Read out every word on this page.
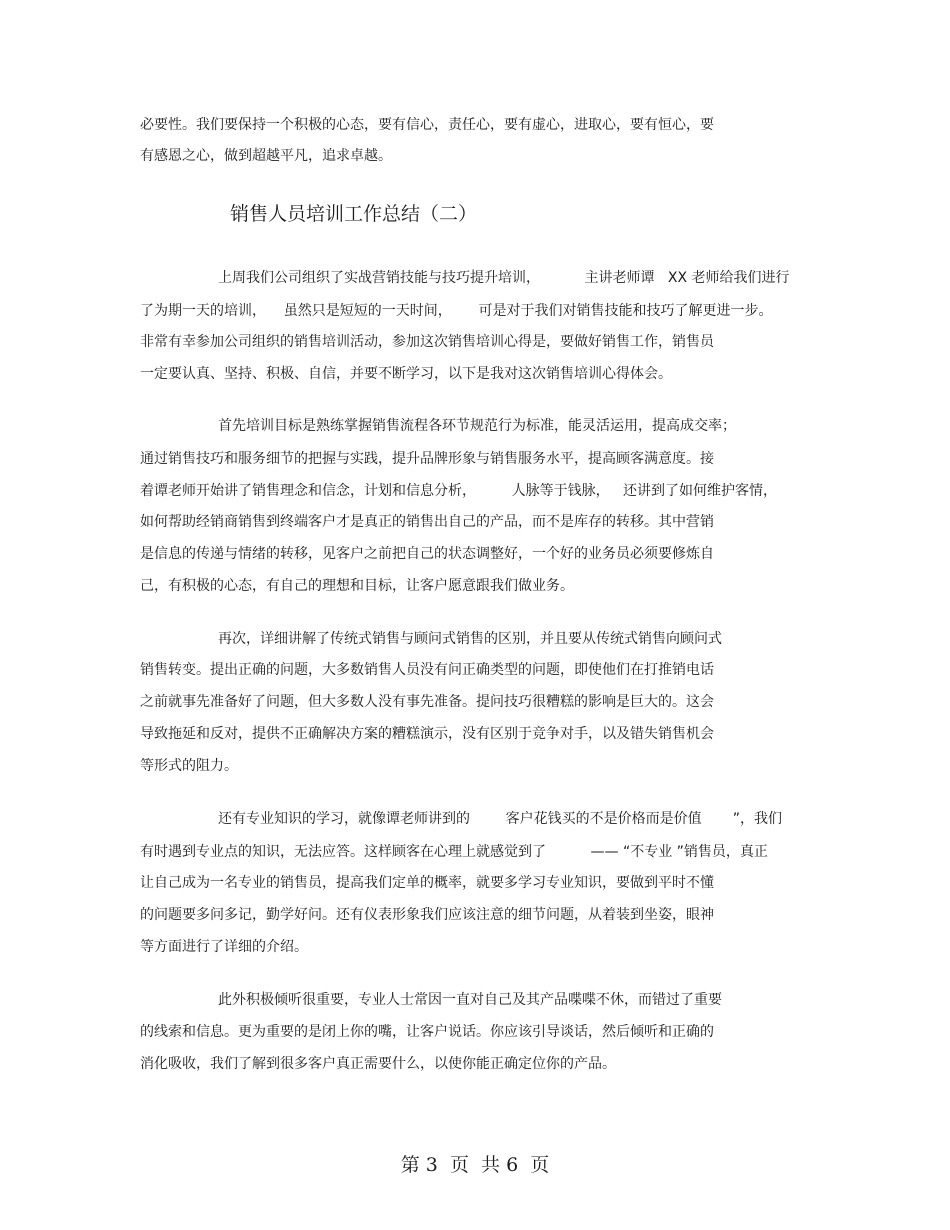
必要性。我们要保持一个积极的心态，要有信心，责任心，要有虚心，进取心，要有恒心，要
有感恩之心，做到超越平凡，追求卓越。
销售人员培训工作总结（二）
上周我们公司组织了实战营销技能与技巧提升培训，          主讲老师谭   XX 老师给我们进行
了为期一天的培训，    虽然只是短短的一天时间，      可是对于我们对销售技能和技巧了解更进一步。
非常有幸参加公司组织的销售培训活动，参加这次销售培训心得是，要做好销售工作，销售员
一定要认真、坚持、积极、自信，并要不断学习，以下是我对这次销售培训心得体会。
首先培训目标是熟练掌握销售流程各环节规范行为标准，能灵活运用，提高成交率；
通过销售技巧和服务细节的把握与实践，提升品牌形象与销售服务水平，提高顾客满意度。接
着谭老师开始讲了销售理念和信念，计划和信息分析，        人脉等于钱脉，   还讲到了如何维护客情，
如何帮助经销商销售到终端客户才是真正的销售出自己的产品，而不是库存的转移。其中营销
是信息的传递与情绪的转移，见客户之前把自己的状态调整好，一个好的业务员必须要修炼自
己，有积极的心态，有自己的理想和目标，让客户愿意跟我们做业务。
再次，详细讲解了传统式销售与顾问式销售的区别，并且要从传统式销售向顾问式
销售转变。提出正确的问题，大多数销售人员没有问正确类型的问题，即使他们在打推销电话
之前就事先准备好了问题，但大多数人没有事先准备。提问技巧很糟糕的影响是巨大的。这会
导致拖延和反对，提供不正确解决方案的糟糕演示，没有区别于竞争对手，以及错失销售机会
等形式的阻力。
还有专业知识的学习，就像谭老师讲到的        客户花钱买的不是价格而是价值       ”，我们
有时遇到专业点的知识，无法应答。这样顾客在心理上就感觉到了          —— “不专业 ”销售员，真正
让自己成为一名专业的销售员，提高我们定单的概率，就要多学习专业知识，要做到平时不懂
的问题要多问多记，勤学好问。还有仪表形象我们应该注意的细节问题，从着装到坐姿，眼神
等方面进行了详细的介绍。
此外积极倾听很重要，专业人士常因一直对自己及其产品喋喋不休，而错过了重要
的线索和信息。更为重要的是闭上你的嘴，让客户说话。你应该引导谈话，然后倾听和正确的
消化吸收，我们了解到很多客户真正需要什么，以使你能正确定位你的产品。
第 3  页  共 6  页
